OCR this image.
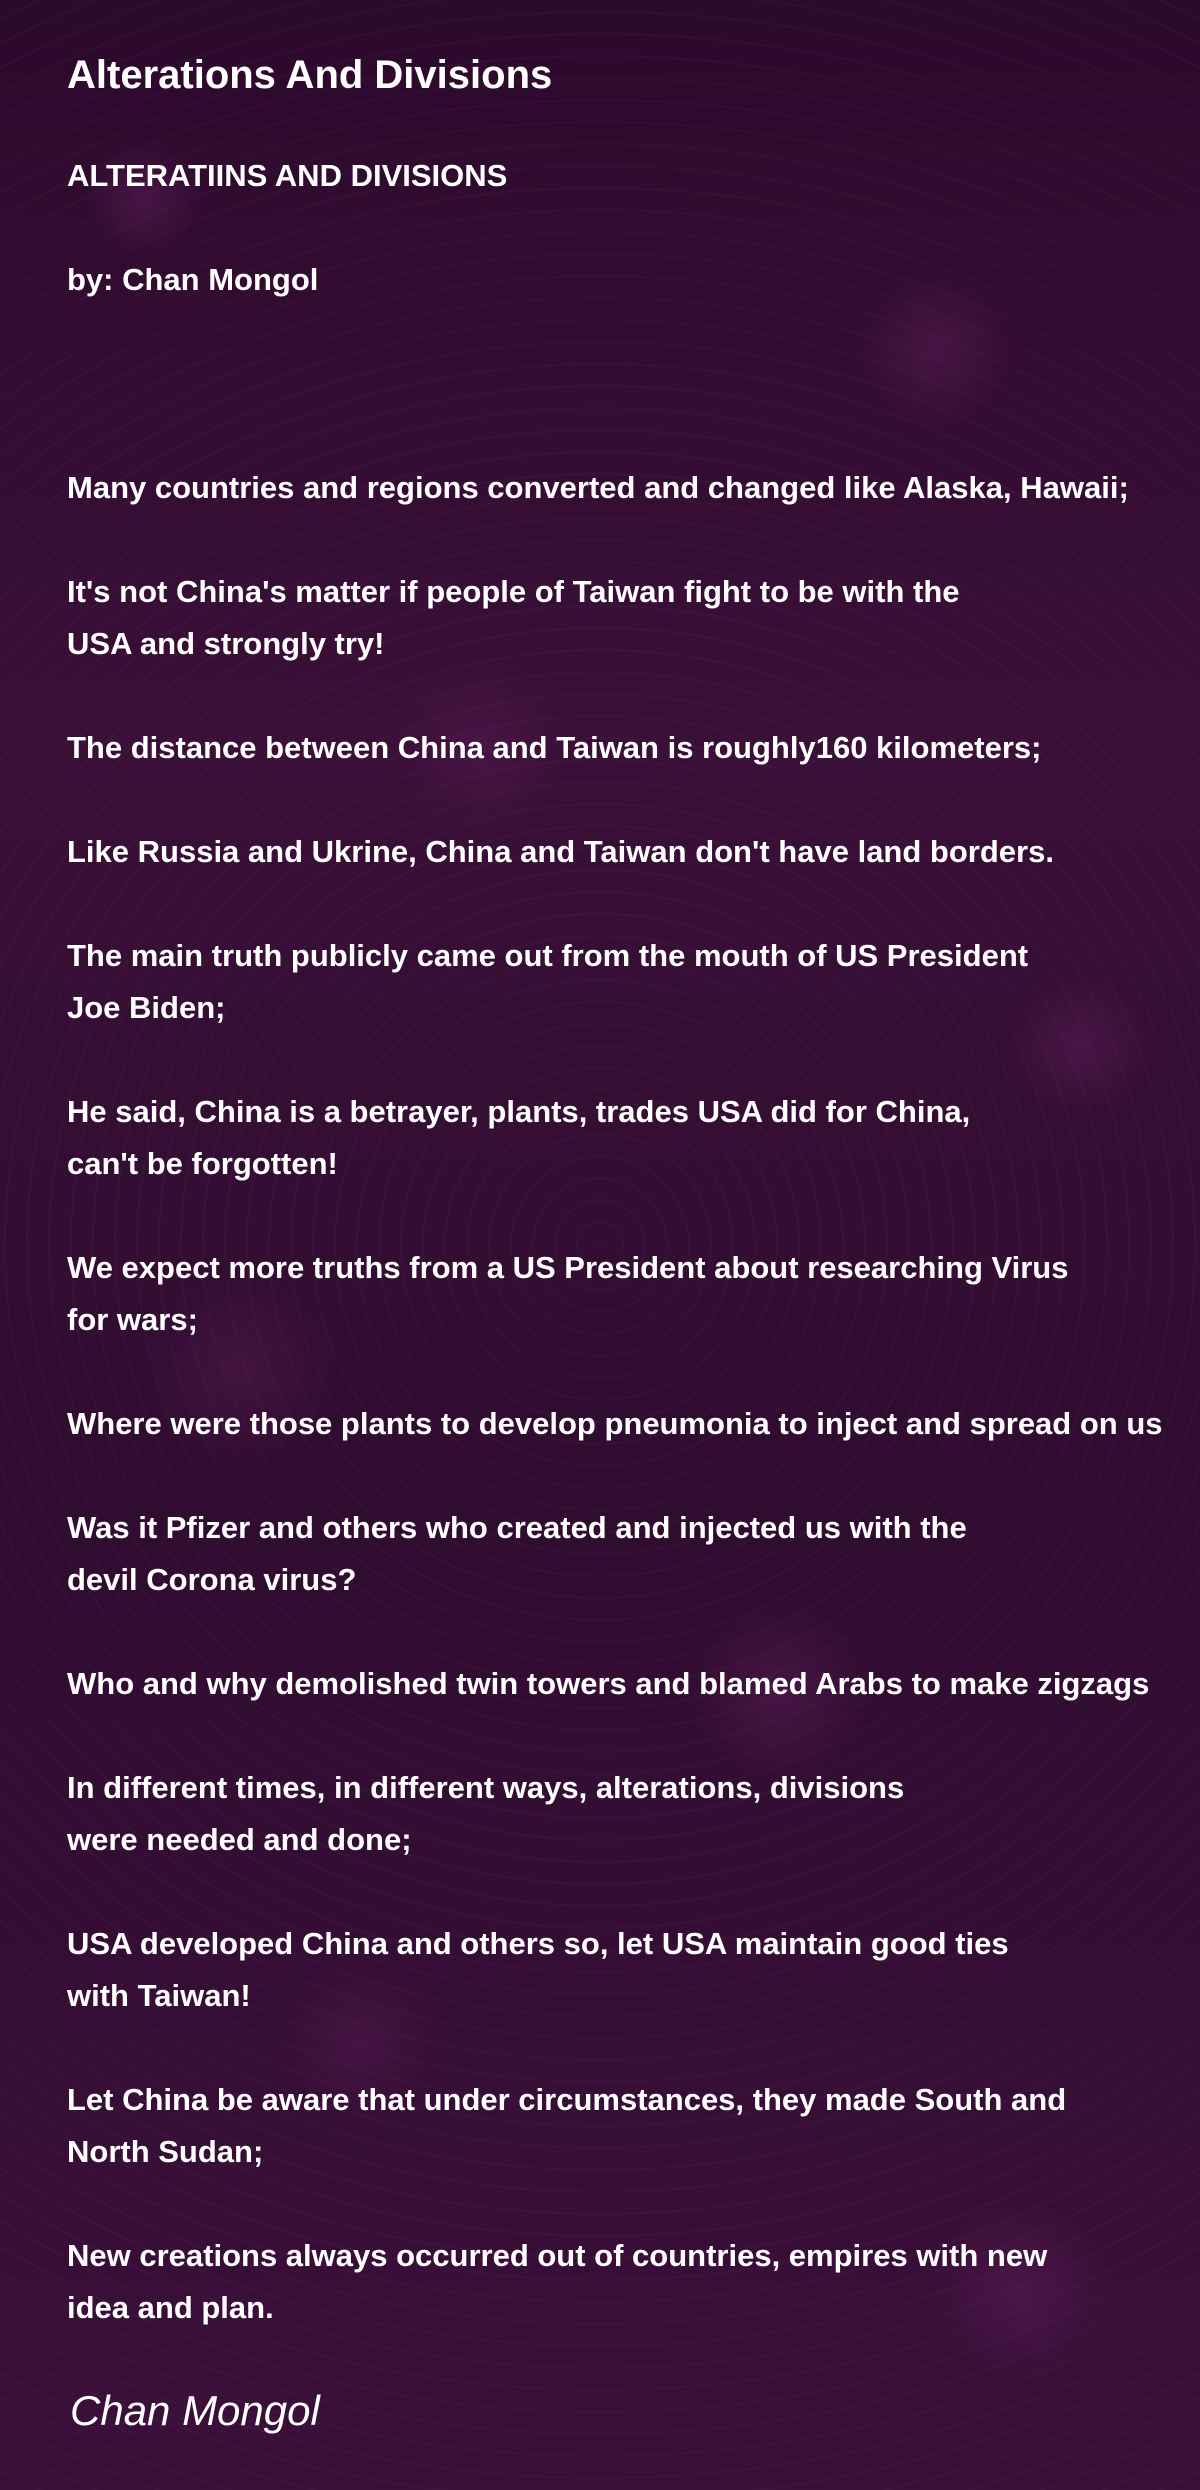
Alterations And Divisions
ALTERATIINS AND DIVISIONS
by: Chan Mongol
Many countries and regions converted and changed like Alaska, Hawaii;
It's not China's matter if people of Taiwan fight to be with the
USA and strongly try!
The distance between China and Taiwan is roughly160 kilometers;
Like Russia and Ukrine, China and Taiwan don't have land borders.
The main truth publicly came out from the mouth of US President
Joe Biden;
He said, China is a betrayer, plants, trades USA did for China,
can't be forgotten!
We expect more truths from a US President about researching Virus
for wars;
Where were those plants to develop pneumonia to inject and spread on us
Was it Pfizer and others who created and injected us with the
devil Corona virus?
Who and why demolished twin towers and blamed Arabs to make zigzags
In different times, in different ways, alterations, divisions
were needed and done;
USA developed China and others so, let USA maintain good ties
with Taiwan!
Let China be aware that under circumstances, they made South and
North Sudan;
New creations always occurred out of countries, empires with new
idea and plan.
Chan Mongol
